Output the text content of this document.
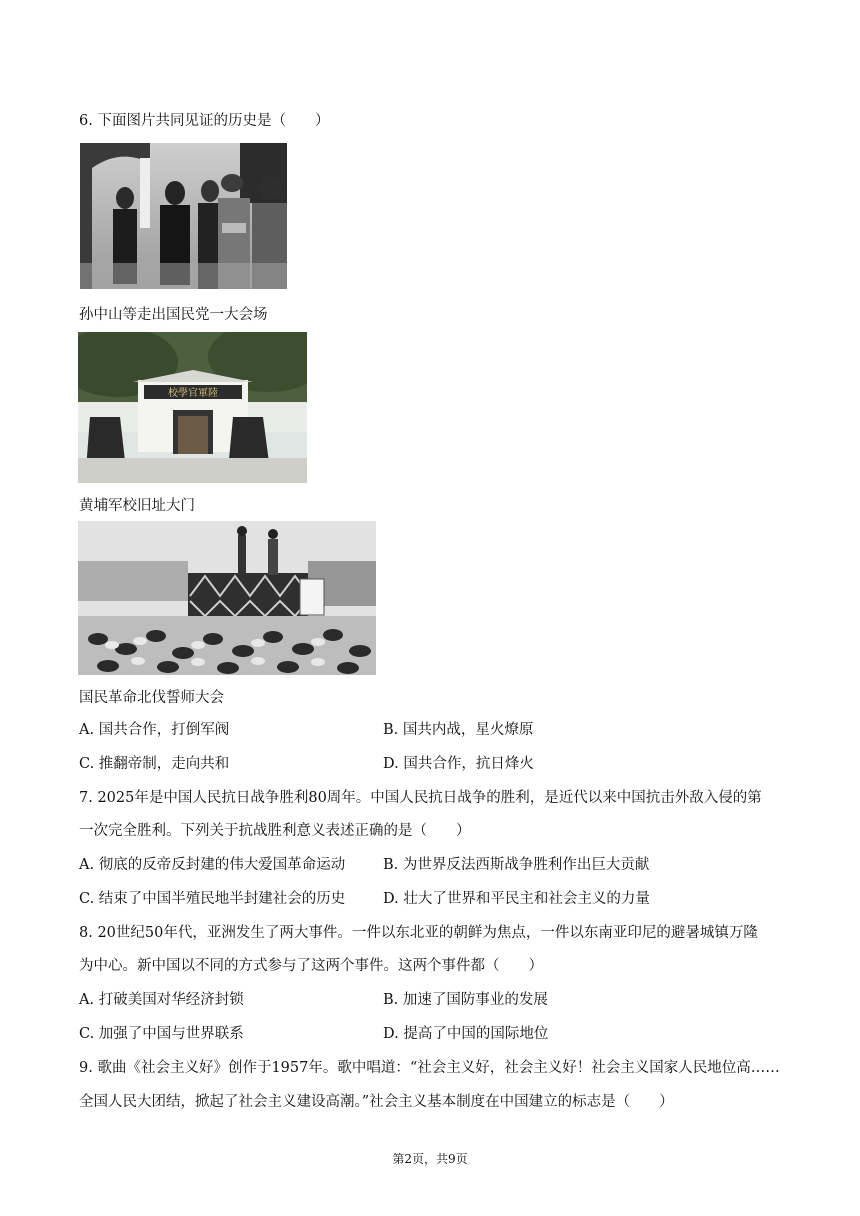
6. 下面图片共同见证的历史是（　　）
孙中山等走出国民党一大会场
校學官軍陸
黄埔军校旧址大门
国民革命北伐誓师大会
A. 国共合作，打倒军阀	B. 国共内战，星火燎原
C. 推翻帝制，走向共和	D. 国共合作，抗日烽火
7. 2025年是中国人民抗日战争胜利80周年。中国人民抗日战争的胜利，是近代以来中国抗击外敌入侵的第
一次完全胜利。下列关于抗战胜利意义表述正确的是（　　）
A. 彻底的反帝反封建的伟大爱国革命运动	B. 为世界反法西斯战争胜利作出巨大贡献
C. 结束了中国半殖民地半封建社会的历史	D. 壮大了世界和平民主和社会主义的力量
8. 20世纪50年代，亚洲发生了两大事件。一件以东北亚的朝鲜为焦点，一件以东南亚印尼的避暑城镇万隆
为中心。新中国以不同的方式参与了这两个事件。这两个事件都（　　）
A. 打破美国对华经济封锁	B. 加速了国防事业的发展
C. 加强了中国与世界联系	D. 提高了中国的国际地位
9. 歌曲《社会主义好》创作于1957年。歌中唱道：“社会主义好，社会主义好！社会主义国家人民地位高……
全国人民大团结，掀起了社会主义建设高潮。”社会主义基本制度在中国建立的标志是（　　）
第2页，共9页
